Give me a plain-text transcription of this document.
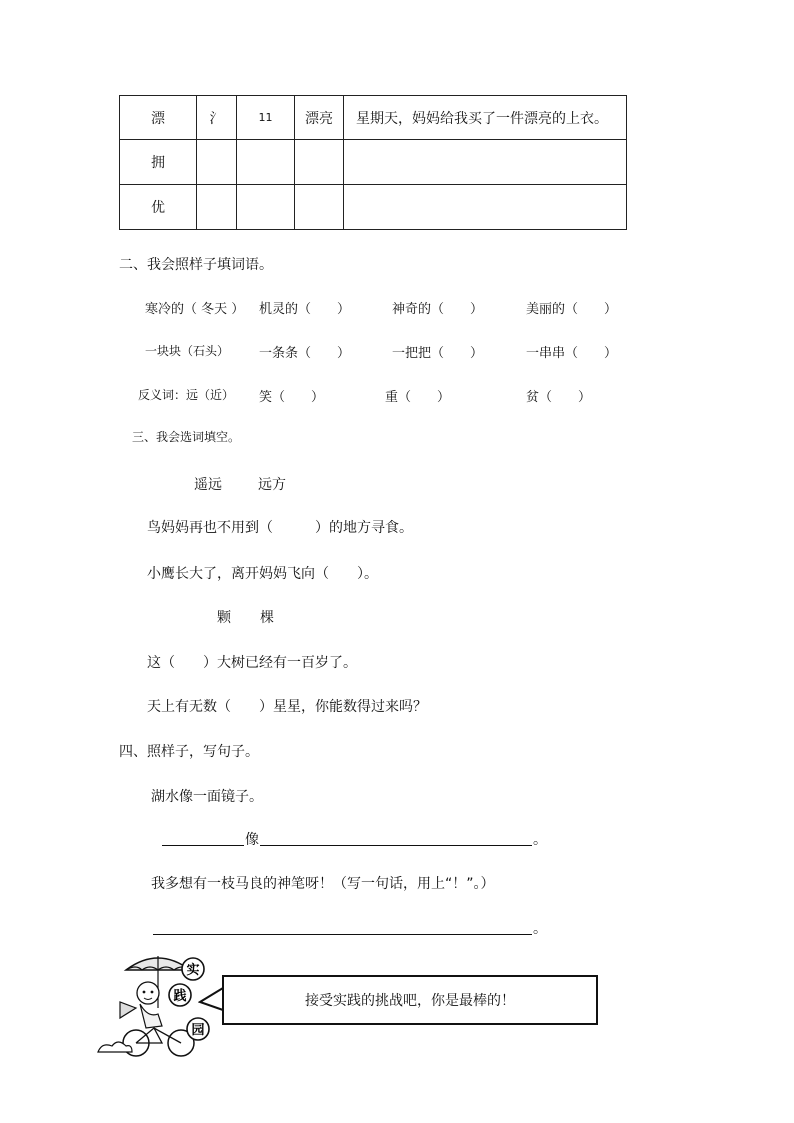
漂	氵	11	漂亮	星期天，妈妈给我买了一件漂亮的上衣。
拥				
优				
二、我会照样子填词语。
寒冷的（ 冬天 ） 机灵的（　　）	神奇的（　　）	美丽的（　　）
一块块（石头） 一条条（　　）	一把把（　　）	一串串（　　）
反义词：远（近） 笑（　　）	重（　　）	贫（　　）
三、我会选词填空。
遥远	远方
鸟妈妈再也不用到（　　　）的地方寻食。
小鹰长大了，离开妈妈飞向（　　）。
颗 棵
这（　　）大树已经有一百岁了。
天上有无数（　　）星星，你能数得过来吗？
四、照样子，写句子。
湖水像一面镜子。
像	。
我多想有一枝马良的神笔呀！（写一句话，用上“！”。）
。
实
践
园
接受实践的挑战吧，你是最棒的！
